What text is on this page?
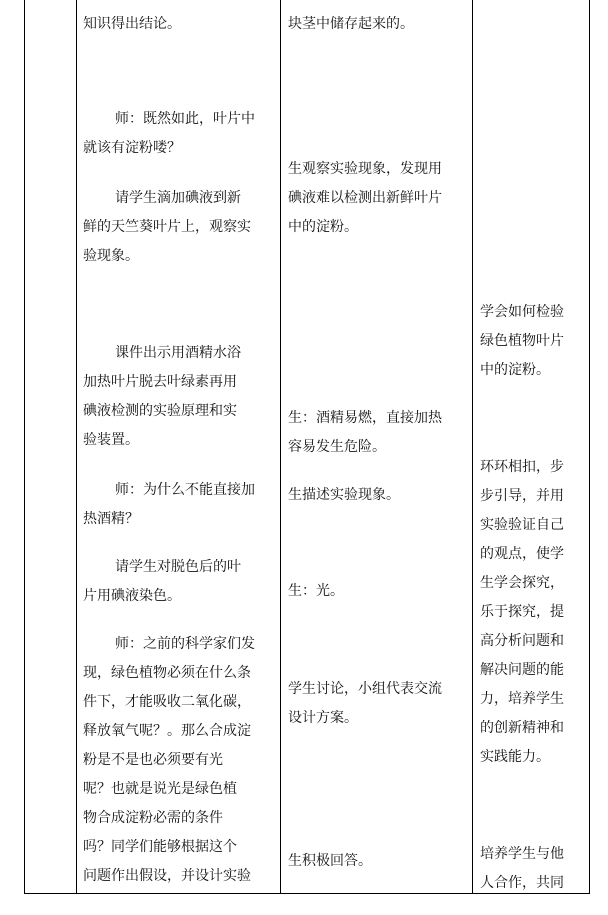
知识得出结论。
师：既然如此，叶片中
就该有淀粉喽？
请学生滴加碘液到新
鲜的天竺葵叶片上，观察实
验现象。
课件出示用酒精水浴
加热叶片脱去叶绿素再用
碘液检测的实验原理和实
验装置。
师：为什么不能直接加
热酒精？
请学生对脱色后的叶
片用碘液染色。
师：之前的科学家们发
现，绿色植物必须在什么条
件下，才能吸收二氧化碳，
释放氧气呢？。那么合成淀
粉是不是也必须要有光
呢？也就是说光是绿色植
物合成淀粉必需的条件
吗？同学们能够根据这个
问题作出假设，并设计实验
块茎中储存起来的。
生观察实验现象，发现用
碘液难以检测出新鲜叶片
中的淀粉。
生：酒精易燃，直接加热
容易发生危险。
生描述实验现象。
生：光。
学生讨论，小组代表交流
设计方案。
生积极回答。
学会如何检验
绿色植物叶片
中的淀粉。
环环相扣，步
步引导，并用
实验验证自己
的观点，使学
生学会探究，
乐于探究，提
高分析问题和
解决问题的能
力，培养学生
的创新精神和
实践能力。
培养学生与他
人合作，共同
